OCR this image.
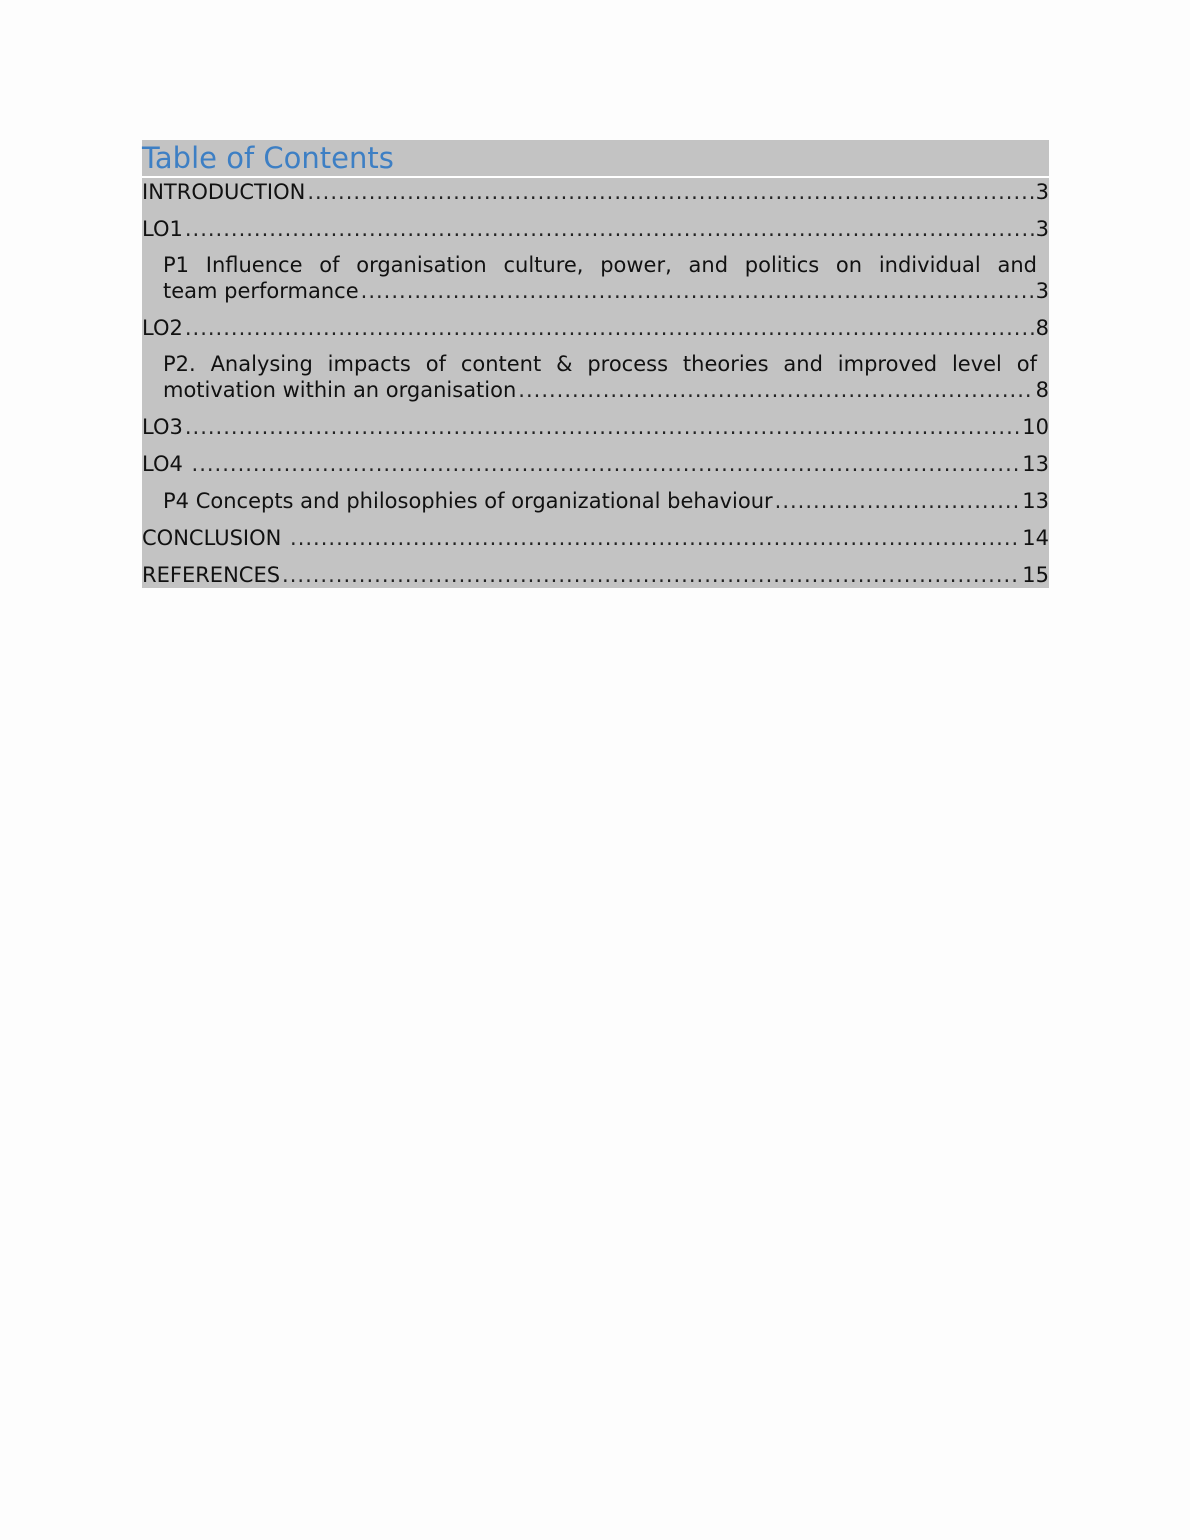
Table of Contents
INTRODUCTION .....	3
LO1 .....	3
P1 Influence of organisation culture, power, and politics on individual and
team performance .....	3
LO2 .....	8
P2. Analysing impacts of content & process theories and improved level of
motivation within an organisation .....	8
LO3 .....	10
LO4 .....	13
P4 Concepts and philosophies of organizational behaviour .....	13
CONCLUSION .....	14
REFERENCES .....	15
